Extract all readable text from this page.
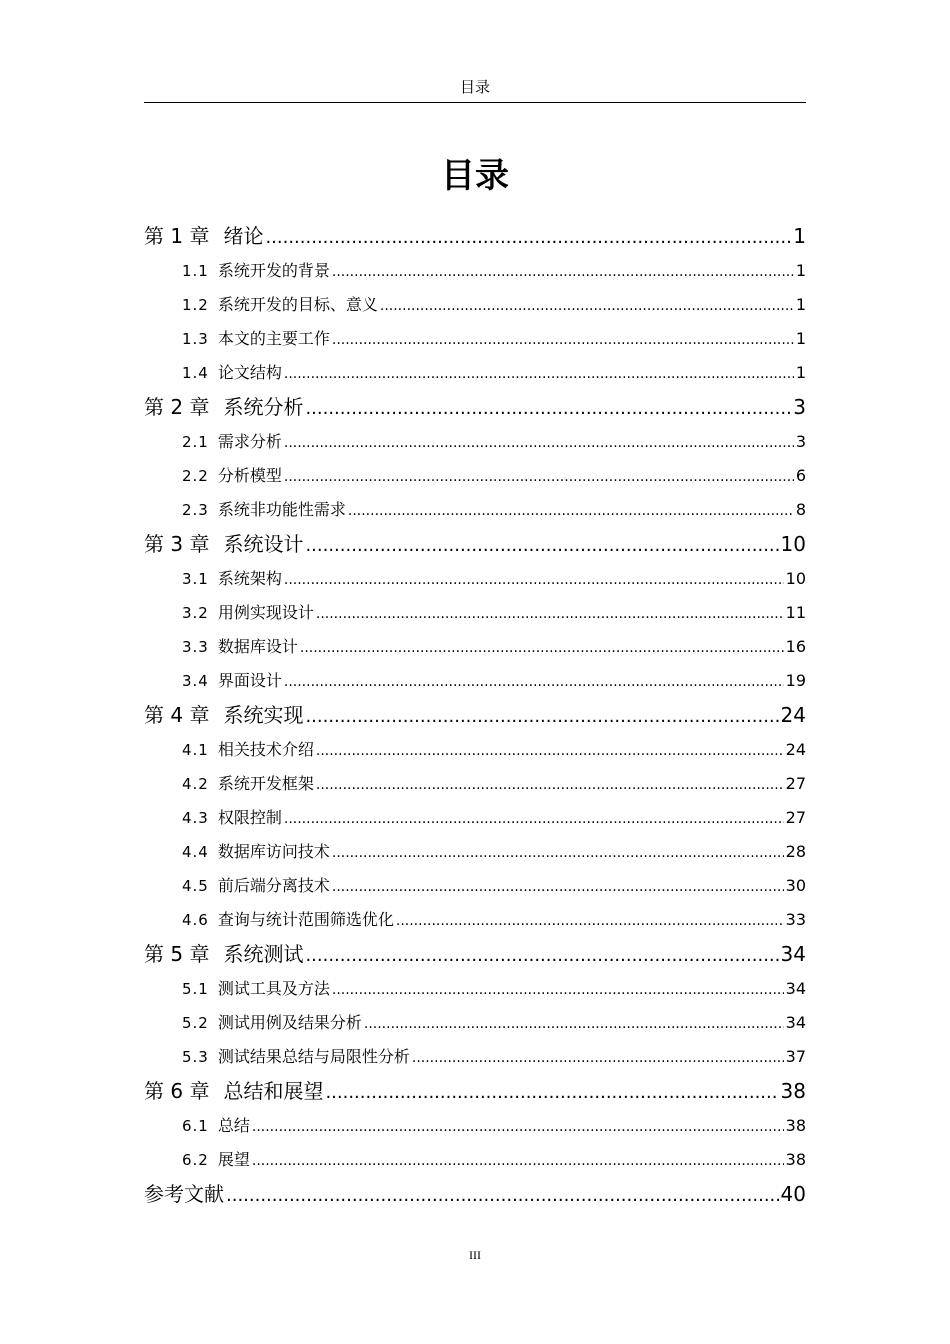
目录
目录
第 1 章 绪论 .....	1
1.1 系统开发的背景 .....	1
1.2 系统开发的目标、意义 .....	1
1.3 本文的主要工作 .....	1
1.4 论文结构 .....	1
第 2 章 系统分析 .....	3
2.1 需求分析 .....	3
2.2 分析模型 .....	6
2.3 系统非功能性需求 .....	8
第 3 章 系统设计 .....	10
3.1 系统架构 .....	10
3.2 用例实现设计 .....	11
3.3 数据库设计 .....	16
3.4 界面设计 .....	19
第 4 章 系统实现 .....	24
4.1 相关技术介绍 .....	24
4.2 系统开发框架 .....	27
4.3 权限控制 .....	27
4.4 数据库访问技术 .....	28
4.5 前后端分离技术 .....	30
4.6 查询与统计范围筛选优化 .....	33
第 5 章 系统测试 .....	34
5.1 测试工具及方法 .....	34
5.2 测试用例及结果分析 .....	34
5.3 测试结果总结与局限性分析 .....	37
第 6 章 总结和展望 .....	38
6.1 总结 .....	38
6.2 展望 .....	38
参考文献 .....	40
III
